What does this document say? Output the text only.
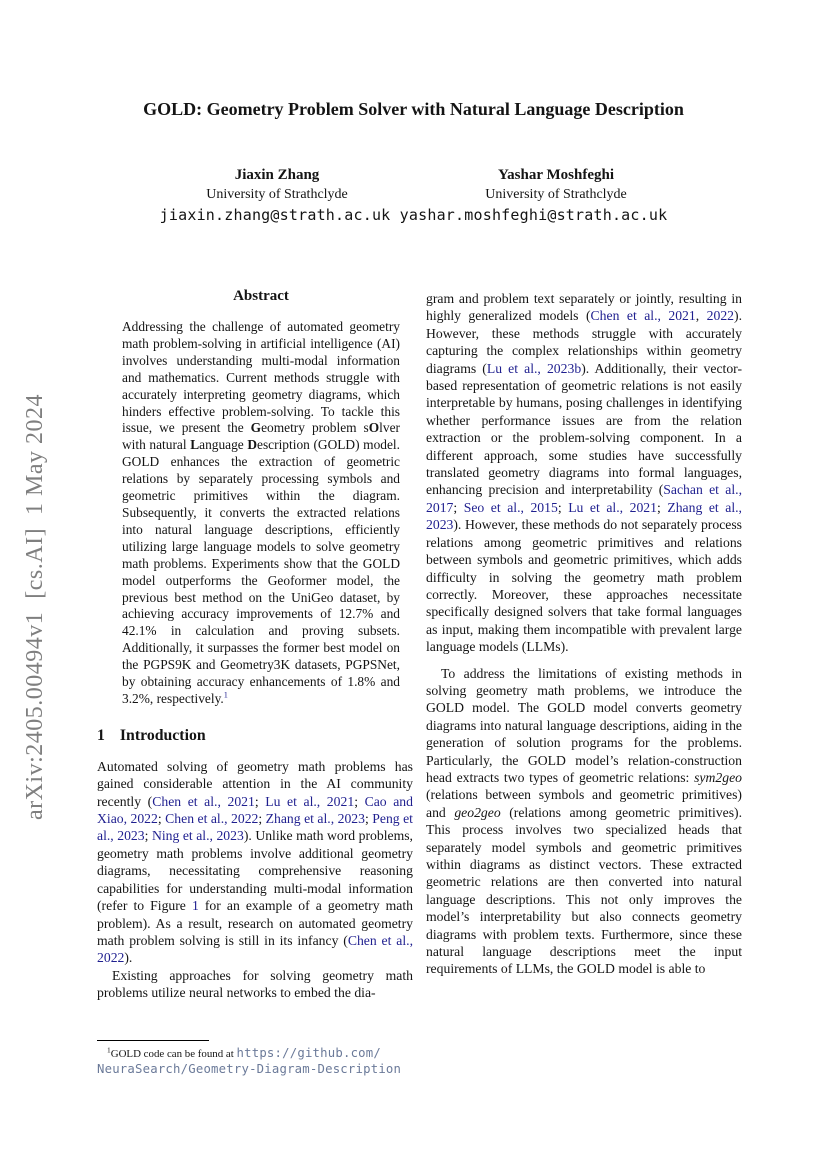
arXiv:2405.00494v1  [cs.AI]  1 May 2024
GOLD: Geometry Problem Solver with Natural Language Description
Jiaxin Zhang
University of Strathclyde
Yashar Moshfeghi
University of Strathclyde
jiaxin.zhang@strath.ac.uk yashar.moshfeghi@strath.ac.uk
Abstract

Addressing the challenge of automated geometry math problem-solving in artificial intelligence (AI) involves understanding multi-modal information and mathematics. Current methods struggle with accurately interpreting geometry diagrams, which hinders effective problem-solving. To tackle this issue, we present the Geometry problem sOlver with natural Language Description (GOLD) model. GOLD enhances the extraction of geometric relations by separately processing symbols and geometric primitives within the diagram. Subsequently, it converts the extracted relations into natural language descriptions, efficiently utilizing large language models to solve geometry math problems. Experiments show that the GOLD model outperforms the Geoformer model, the previous best method on the UniGeo dataset, by achieving accuracy improvements of 12.7% and 42.1% in calculation and proving subsets. Additionally, it surpasses the former best model on the PGPS9K and Geometry3K datasets, PGPSNet, by obtaining accuracy enhancements of 1.8% and 3.2%, respectively.$^1$

1 Introduction

Automated solving of geometry math problems has gained considerable attention in the AI community recently (Chen et al., 2021; Lu et al., 2021; Cao and Xiao, 2022; Chen et al., 2022; Zhang et al., 2023; Peng et al., 2023; Ning et al., 2023). Unlike math word problems, geometry math problems involve additional geometry diagrams, necessitating comprehensive reasoning capabilities for understanding multi-modal information (refer to Figure 1 for an example of a geometry math problem). As a result, research on automated geometry math problem solving is still in its infancy (Chen et al., 2022).

Existing approaches for solving geometry math problems utilize neural networks to embed the dia-

gram and problem text separately or jointly, resulting in highly generalized models (Chen et al., 2021, 2022). However, these methods struggle with accurately capturing the complex relationships within geometry diagrams (Lu et al., 2023b). Additionally, their vector-based representation of geometric relations is not easily interpretable by humans, posing challenges in identifying whether performance issues are from the relation extraction or the problem-solving component. In a different approach, some studies have successfully translated geometry diagrams into formal languages, enhancing precision and interpretability (Sachan et al., 2017; Seo et al., 2015; Lu et al., 2021; Zhang et al., 2023). However, these methods do not separately process relations among geometric primitives and relations between symbols and geometric primitives, which adds difficulty in solving the geometry math problem correctly. Moreover, these approaches necessitate specifically designed solvers that take formal languages as input, making them incompatible with prevalent large language models (LLMs).

To address the limitations of existing methods in solving geometry math problems, we introduce the GOLD model. The GOLD model converts geometry diagrams into natural language descriptions, aiding in the generation of solution programs for the problems. Particularly, the GOLD model’s relation-construction head extracts two types of geometric relations: sym2geo (relations between symbols and geometric primitives) and geo2geo (relations among geometric primitives). This process involves two specialized heads that separately model symbols and geometric primitives within diagrams as distinct vectors. These extracted geometric relations are then converted into natural language descriptions. This not only improves the model’s interpretability but also connects geometry diagrams with problem texts. Furthermore, since these natural language descriptions meet the input requirements of LLMs, the GOLD model is able to

$^1$GOLD code can be found at https://github.com/
NeuraSearch/Geometry-Diagram-Description
